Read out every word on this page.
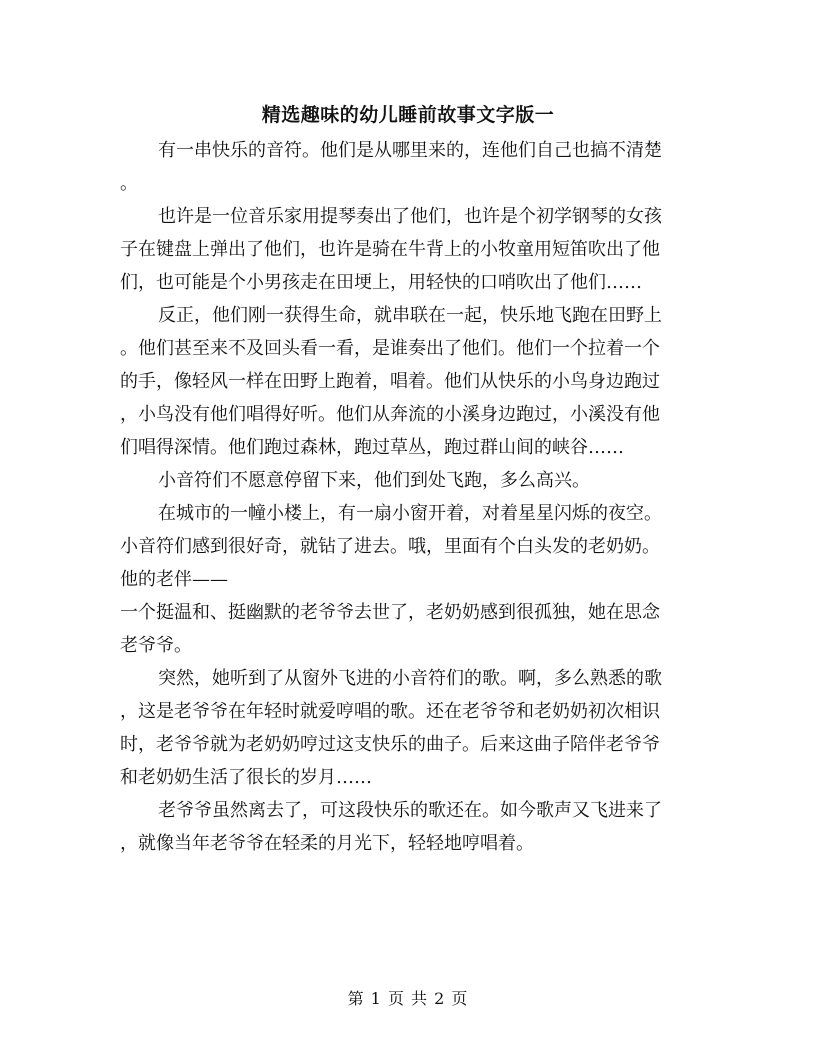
精选趣味的幼儿睡前故事文字版一
有一串快乐的音符。他们是从哪里来的，连他们自己也搞不清楚
。
也许是一位音乐家用提琴奏出了他们，也许是个初学钢琴的女孩
子在键盘上弹出了他们，也许是骑在牛背上的小牧童用短笛吹出了他
们，也可能是个小男孩走在田埂上，用轻快的口哨吹出了他们……
反正，他们刚一获得生命，就串联在一起，快乐地飞跑在田野上
。他们甚至来不及回头看一看，是谁奏出了他们。他们一个拉着一个
的手，像轻风一样在田野上跑着，唱着。他们从快乐的小鸟身边跑过
，小鸟没有他们唱得好听。他们从奔流的小溪身边跑过，小溪没有他
们唱得深情。他们跑过森林，跑过草丛，跑过群山间的峡谷……
小音符们不愿意停留下来，他们到处飞跑，多么高兴。
在城市的一幢小楼上，有一扇小窗开着，对着星星闪烁的夜空。
小音符们感到很好奇，就钻了进去。哦，里面有个白头发的老奶奶。
他的老伴——
一个挺温和、挺幽默的老爷爷去世了，老奶奶感到很孤独，她在思念
老爷爷。
突然，她听到了从窗外飞进的小音符们的歌。啊，多么熟悉的歌
，这是老爷爷在年轻时就爱哼唱的歌。还在老爷爷和老奶奶初次相识
时，老爷爷就为老奶奶哼过这支快乐的曲子。后来这曲子陪伴老爷爷
和老奶奶生活了很长的岁月……
老爷爷虽然离去了，可这段快乐的歌还在。如今歌声又飞进来了
，就像当年老爷爷在轻柔的月光下，轻轻地哼唱着。
第 1 页 共 2 页
